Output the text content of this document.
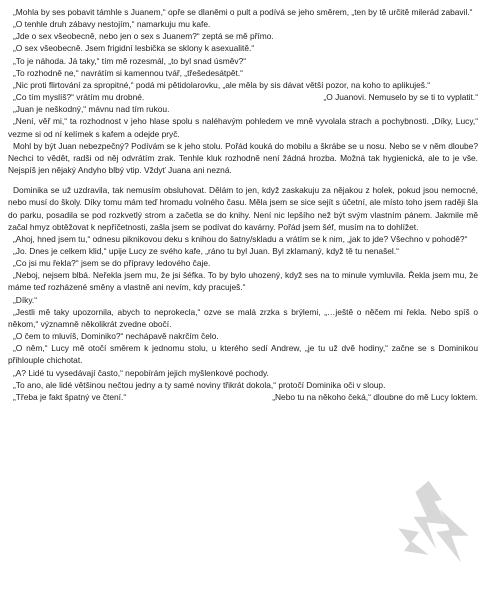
„Mohla by ses pobavit támhle s Juanem,“ opře se dlaněmi o pult a podívá se jeho směrem, „ten by tě určitě milerád zabavil.“

„O tenhle druh zábavy nestojím,“ namarkuju mu kafe.

„Jde o sex všeobecně, nebo jen o sex s Juanem?“ zeptá se mě přímo.

„O sex všeobecně. Jsem frigidní lesbička se sklony k asexualitě.“

„To je náhoda. Já taky,“ tím mě rozesmál, „to byl snad úsměv?“

„To rozhodně ne,“ navrátím si kamennou tvář, „třešedesátpět.“

„Nic proti flirtování za spropitné,“ podá mi pětidolarovku, „ale měla by sis dávat větší pozor, na koho to aplikuješ.“

„Co tím myslíš?“ vrátím mu drobné.	„O Juanovi. Nemuselo by se ti to vyplatit.“

„Juan je neškodný,“ mávnu nad tím rukou.

„Není, věř mi,“ ta rozhodnost v jeho hlase spolu s naléhavým pohledem ve mně vyvolala strach a pochybnosti. „Díky, Lucy,“ vezme si od ní kelímek s kafem a odejde pryč.

Mohl by být Juan nebezpečný? Podívám se k jeho stolu. Pořád kouká do mobilu a škrábe se u nosu. Nebo se v něm dloube? Nechci to vědět, radši od něj odvrátím zrak. Tenhle kluk rozhodně není žádná hrozba. Možná tak hygienická, ale to je vše. Nejspíš jen nějaký Andyho blbý vtip. Vždyť Juana ani nezná.

Dominika se už uzdravila, tak nemusím obsluhovat. Dělám to jen, když zaskakuju za nějakou z holek, pokud jsou nemocné, nebo musí do školy. Díky tomu mám teď hromadu volného času. Měla jsem se sice sejít s účetní, ale místo toho jsem raději šla do parku, posadila se pod rozkvetlý strom a začetla se do knihy. Není nic lepšího než být svým vlastním pánem. Jakmile mě začal hmyz obtěžovat k nepříčetnosti, zašla jsem se podívat do kavárny. Pořád jsem šéf, musím na to dohlížet.

„Ahoj, hned jsem tu,“ odnesu piknikovou deku s knihou do šatny/skladu a vrátím se k nim, „jak to jde? Všechno v pohodě?“

„Jo. Dnes je celkem klid,“ upije Lucy ze svého kafe, „ráno tu byl Juan. Byl zklamaný, když tě tu nenašel.“

„Co jsi mu řekla?“ jsem se do přípravy ledového čaje.

„Neboj, nejsem blbá. Neřekla jsem mu, že jsi šéfka. To by bylo uhozený, když ses na to minule vymluvila. Řekla jsem mu, že máme teď rozházené směny a vlastně ani nevím, kdy pracuješ.“

„Díky.“

„Jestli mě taky upozornila, abych to neprokecla,“ ozve se malá zrzka s brýlemi, „…ještě o něčem mi řekla. Nebo spíš o někom,“ významně několikrát zvedne obočí.

„O čem to mluvíš, Dominiko?“ nechápavě nakrčím čelo.

„O něm,“ Lucy mě otočí směrem k jednomu stolu, u kterého sedí Andrew, „je tu už dvě hodiny,“ začne se s Dominikou přihlouple chichotat.

„A? Lidé tu vysedávají často,“ nepobírám jejich myšlenkové pochody.

„To ano, ale lidé většinou nečtou jedny a ty samé noviny třikrát dokola,“ protočí Dominika oči v sloup.

„Třeba je fakt špatný ve čtení.“	„Nebo tu na někoho čeká,“ dloubne do mě Lucy loktem.
